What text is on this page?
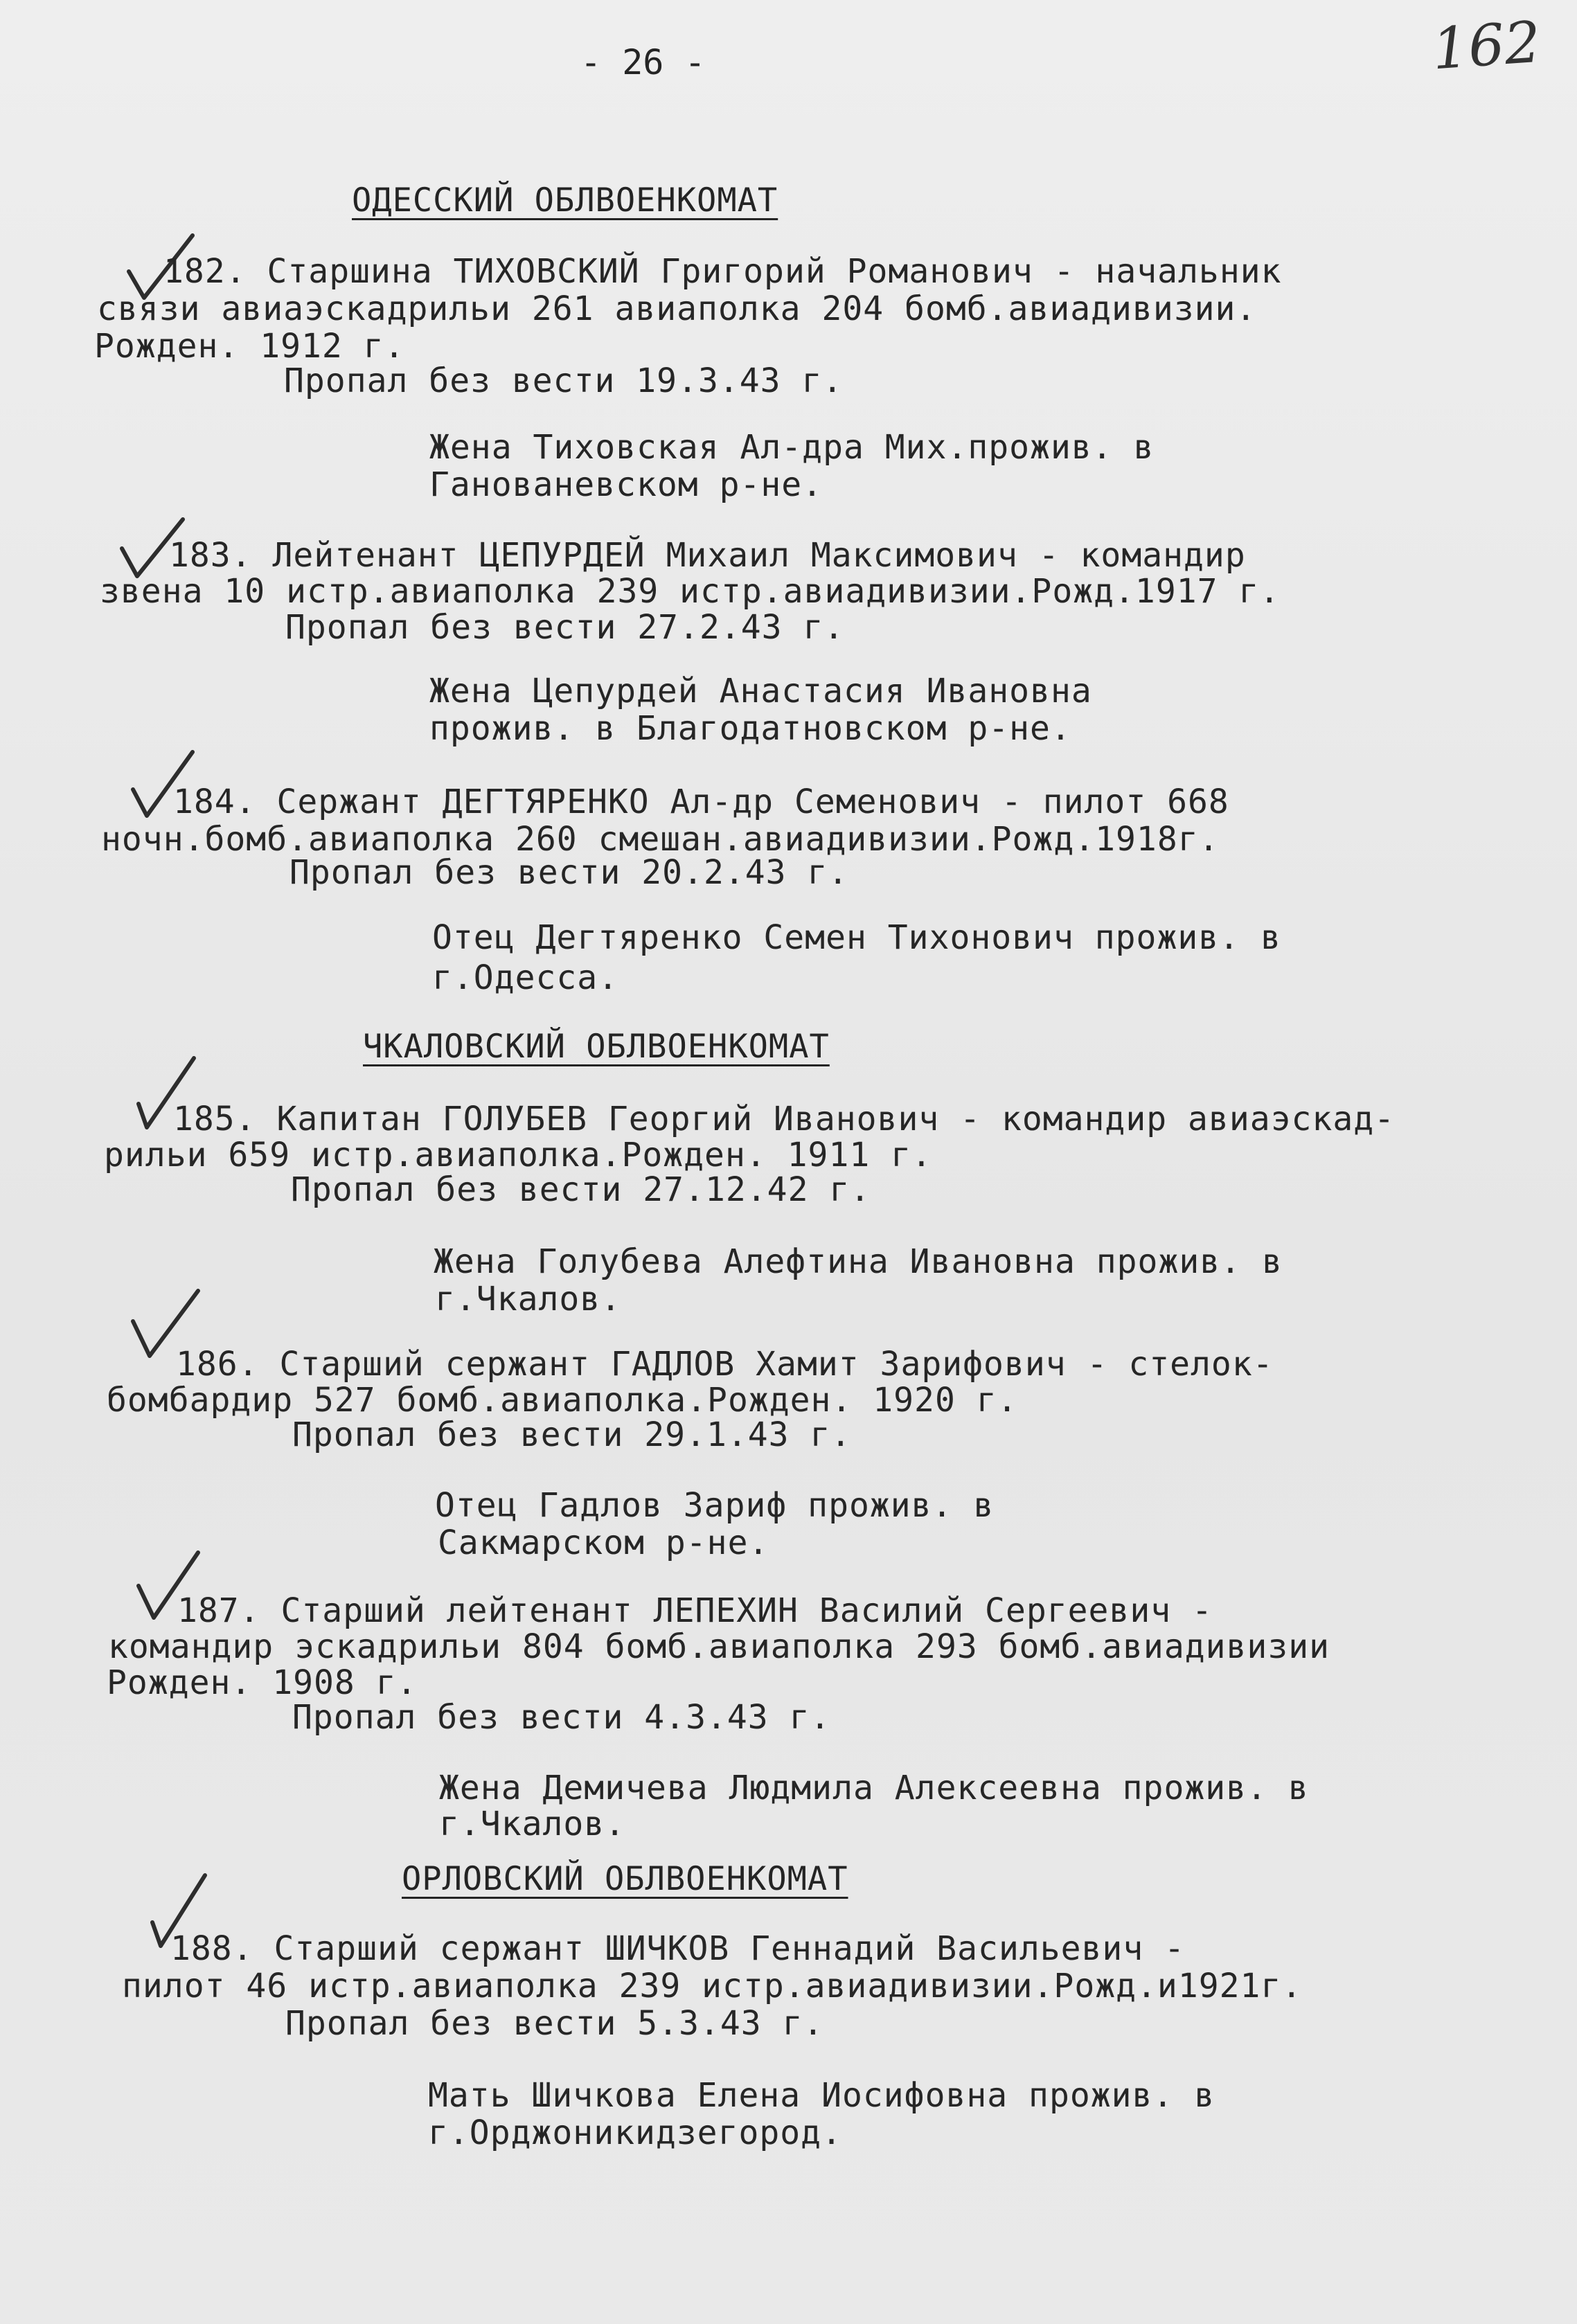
- 26 -	162
ОДЕССКИЙ ОБЛВОЕНКОМАТ
182. Старшина ТИХОВСКИЙ Григорий Романович - начальник
связи авиаэскадрильи 261 авиаполка 204 бомб.авиадивизии.
Рожден. 1912 г.
Пропал без вести 19.3.43 г.
Жена Тиховская Ал-дра Мих.прожив. в
Ганованевском р-не.
183. Лейтенант ЦЕПУРДЕЙ Михаил Максимович - командир
звена 10 истр.авиаполка 239 истр.авиадивизии.Рожд.1917 г.
Пропал без вести 27.2.43 г.
Жена Цепурдей Анастасия Ивановна
прожив. в Благодатновском р-не.
184. Сержант ДЕГТЯРЕНКО Ал-др Семенович - пилот 668
ночн.бомб.авиаполка 260 смешан.авиадивизии.Рожд.1918г.
Пропал без вести 20.2.43 г.
Отец Дегтяренко Семен Тихонович прожив. в
г.Одесса.
ЧКАЛОВСКИЙ ОБЛВОЕНКОМАТ
185. Капитан ГОЛУБЕВ Георгий Иванович - командир авиаэскад-
рильи 659 истр.авиаполка.Рожден. 1911 г.
Пропал без вести 27.12.42 г.
Жена Голубева Алефтина Ивановна прожив. в
г.Чкалов.
186. Старший сержант ГАДЛОВ Хамит Зарифович - стелок-
бомбардир 527 бомб.авиаполка.Рожден. 1920 г.
Пропал без вести 29.1.43 г.
Отец Гадлов Зариф прожив. в
Сакмарском р-не.
187. Старший лейтенант ЛЕПЕХИН Василий Сергеевич -
командир эскадрильи 804 бомб.авиаполка 293 бомб.авиадивизии
Рожден. 1908 г.
Пропал без вести 4.3.43 г.
Жена Демичева Людмила Алексеевна прожив. в
г.Чкалов.
ОРЛОВСКИЙ ОБЛВОЕНКОМАТ
188. Старший сержант ШИЧКОВ Геннадий Васильевич -
пилот 46 истр.авиаполка 239 истр.авиадивизии.Рожд.и1921г.
Пропал без вести 5.3.43 г.
Мать Шичкова Елена Иосифовна прожив. в
г.Орджоникидзегород.
